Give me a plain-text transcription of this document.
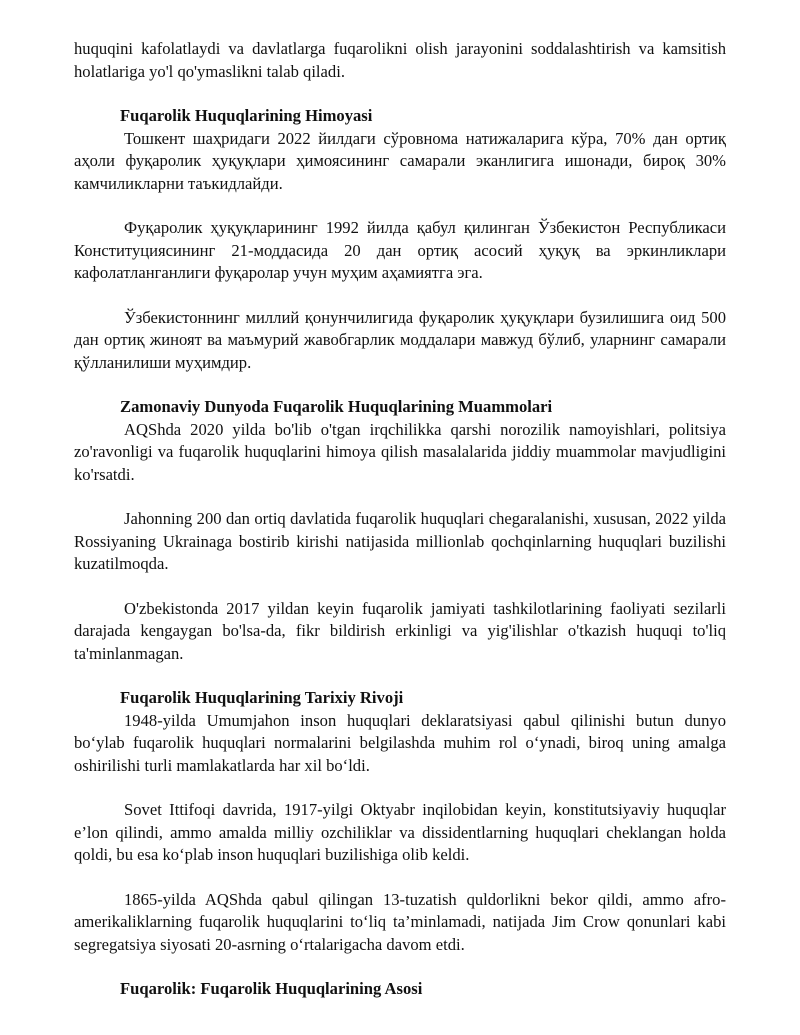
huquqini kafolatlaydi va davlatlarga fuqarolikni olish jarayonini soddalashtirish va kamsitish holatlariga yo'l qo'ymaslikni talab qiladi.

Fuqarolik Huquqlarining Himoyasi

Тошкент шаҳридаги 2022 йилдаги сўровнома натижаларига кўра, 70% дан ортиқ аҳоли фуқаролик ҳуқуқлари ҳимоясининг самарали эканлигига ишонади, бироқ 30% камчиликларни таъкидлайди.

Фуқаролик ҳуқуқларининг 1992 йилда қабул қилинган Ўзбекистон Республикаси Конституциясининг 21-моддасида 20 дан ортиқ асосий ҳуқуқ ва эркинликлари кафолатланганлиги фуқаролар учун муҳим аҳамиятга эга.

Ўзбекистоннинг миллий қонунчилигида фуқаролик ҳуқуқлари бузилишига оид 500 дан ортиқ жиноят ва маъмурий жавобгарлик моддалари мавжуд бўлиб, уларнинг самарали қўлланилиши муҳимдир.

Zamonaviy Dunyoda Fuqarolik Huquqlarining Muammolari

AQShda 2020 yilda bo'lib o'tgan irqchilikka qarshi norozilik namoyishlari, politsiya zo'ravonligi va fuqarolik huquqlarini himoya qilish masalalarida jiddiy muammolar mavjudligini ko'rsatdi.

Jahonning 200 dan ortiq davlatida fuqarolik huquqlari chegaralanishi, xususan, 2022 yilda Rossiyaning Ukrainaga bostirib kirishi natijasida millionlab qochqinlarning huquqlari buzilishi kuzatilmoqda.

O'zbekistonda 2017 yildan keyin fuqarolik jamiyati tashkilotlarining faoliyati sezilarli darajada kengaygan bo'lsa-da, fikr bildirish erkinligi va yig'ilishlar o'tkazish huquqi to'liq ta'minlanmagan.

Fuqarolik Huquqlarining Tarixiy Rivoji

1948-yilda Umumjahon inson huquqlari deklaratsiyasi qabul qilinishi butun dunyo bo‘ylab fuqarolik huquqlari normalarini belgilashda muhim rol o‘ynadi, biroq uning amalga oshirilishi turli mamlakatlarda har xil bo‘ldi.

Sovet Ittifoqi davrida, 1917-yilgi Oktyabr inqilobidan keyin, konstitutsiyaviy huquqlar e’lon qilindi, ammo amalda milliy ozchiliklar va dissidentlarning huquqlari cheklangan holda qoldi, bu esa ko‘plab inson huquqlari buzilishiga olib keldi.

1865-yilda AQShda qabul qilingan 13-tuzatish quldorlikni bekor qildi, ammo afro-amerikaliklarning fuqarolik huquqlarini to‘liq ta’minlamadi, natijada Jim Crow qonunlari kabi segregatsiya siyosati 20-asrning o‘rtalarigacha davom etdi.

Fuqarolik: Fuqarolik Huquqlarining Asosi
